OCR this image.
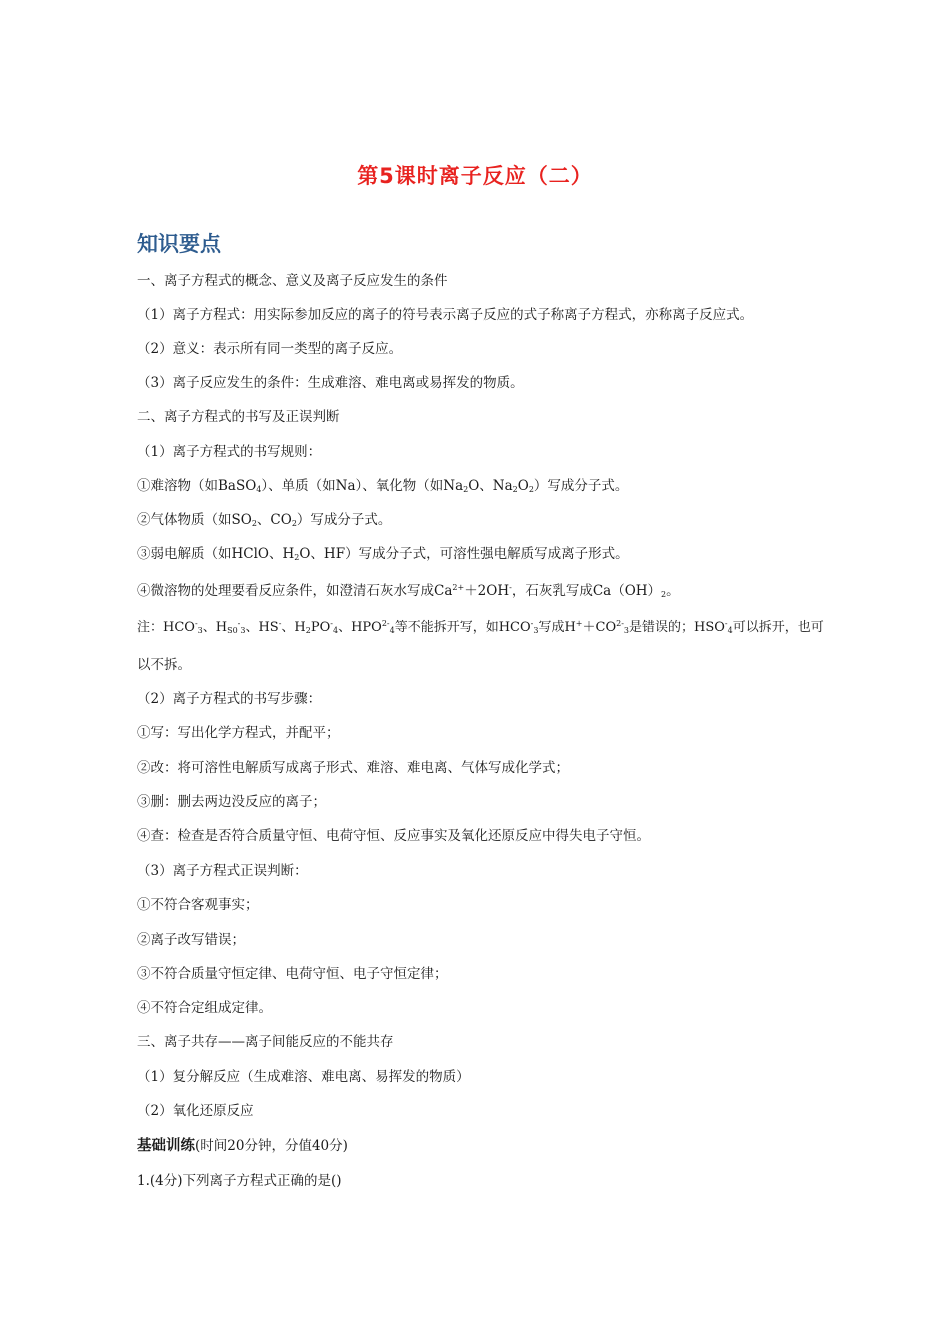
第5课时离子反应（二）
知识要点
一、离子方程式的概念、意义及离子反应发生的条件
（1）离子方程式：用实际参加反应的离子的符号表示离子反应的式子称离子方程式，亦称离子反应式。
（2）意义：表示所有同一类型的离子反应。
（3）离子反应发生的条件：生成难溶、难电离或易挥发的物质。
二、离子方程式的书写及正误判断
（1）离子方程式的书写规则：
①难溶物（如BaSO$_4$）、单质（如Na）、氧化物（如$Na_2O$、$Na_2O_2$）写成分子式。
②气体物质（如$SO_2$、$CO_2$）写成分子式。
③弱电解质（如HClO、$H_2O$、HF）写成分子式，可溶性强电解质写成离子形式。
④微溶物的处理要看反应条件，如澄清石灰水写成$Ca^{2+}+2OH^-$，石灰乳写成$Ca(OH)_2$。
注：$HCO^-_3$、$H_{S0}^-_3$、HS-、$H_2PO^-_4$、$HPO^{2-}_4$等不能拆开写，如$HCO^-_3$写成$H^++CO^{2-}_3$是错误的；$HSO^-_4$可以拆开，也可
以不拆。
（2）离子方程式的书写步骤：
①写：写出化学方程式，并配平；
②改：将可溶性电解质写成离子形式、难溶、难电离、气体写成化学式；
③删：删去两边没反应的离子；
④查：检查是否符合质量守恒、电荷守恒、反应事实及氧化还原反应中得失电子守恒。
（3）离子方程式正误判断：
①不符合客观事实；
②离子改写错误；
③不符合质量守恒定律、电荷守恒、电子守恒定律；
④不符合定组成定律。
三、离子共存——离子间能反应的不能共存
（1）复分解反应（生成难溶、难电离、易挥发的物质）
（2）氧化还原反应
基础训练(时间20分钟，分值40分)
1.(4分)下列离子方程式正确的是()
